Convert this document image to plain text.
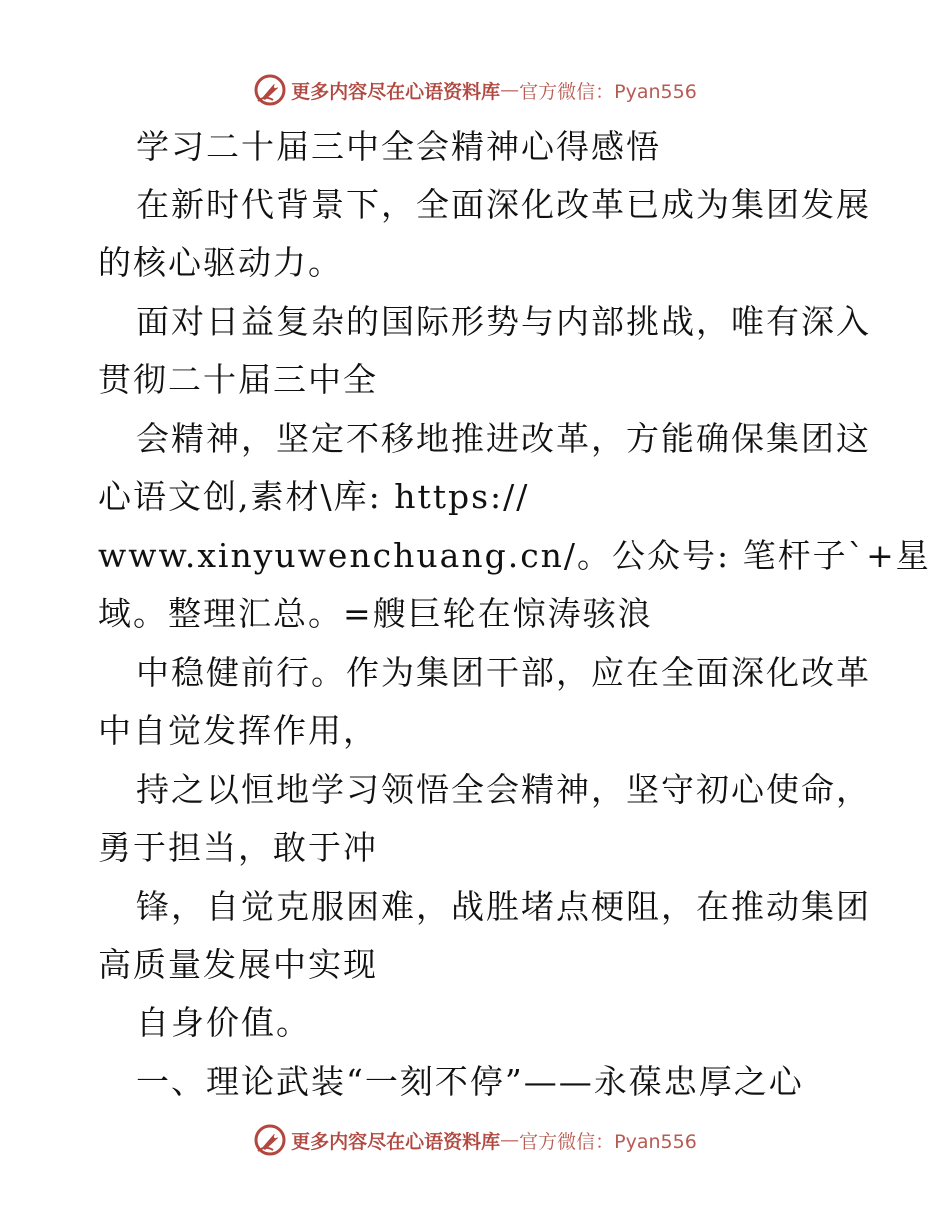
更多内容尽在心语资料库 — 官方微信：Pyan556
学习二十届三中全会精神心得感悟
在新时代背景下，全面深化改革已成为集团发展
的核心驱动力。
面对日益复杂的国际形势与内部挑战，唯有深入
贯彻二十届三中全
会精神，坚定不移地推进改革，方能确保集团这
心语文创,素材\库: https://
www.xinyuwenchuang.cn/。公众号: 笔杆子`+星
域。整理汇总。=艘巨轮在惊涛骇浪
中稳健前行。作为集团干部，应在全面深化改革
中自觉发挥作用，
持之以恒地学习领悟全会精神，坚守初心使命，
勇于担当，敢于冲
锋，自觉克服困难，战胜堵点梗阻，在推动集团
高质量发展中实现
自身价值。
一、理论武装“一刻不停”——永葆忠厚之心
更多内容尽在心语资料库 — 官方微信：Pyan556
